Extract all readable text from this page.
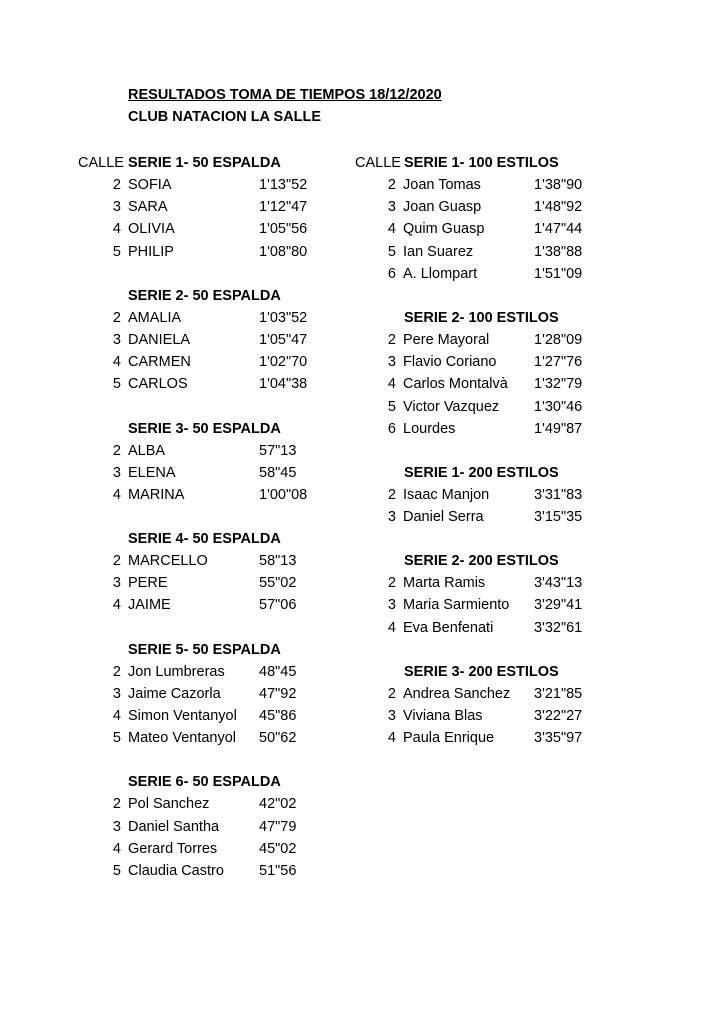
RESULTADOS TOMA DE TIEMPOS 18/12/2020
CLUB NATACION LA SALLE
CALLE SERIE 1- 50 ESPALDA
2 SOFIA	1'13"52
3 SARA	1'12"47
4 OLIVIA	1'05"56
5 PHILIP	1'08"80
SERIE 2- 50 ESPALDA
2 AMALIA	1'03"52
3 DANIELA	1'05"47
4 CARMEN	1'02"70
5 CARLOS	1'04"38
SERIE 3- 50 ESPALDA
2 ALBA	57"13
3 ELENA	58"45
4 MARINA	1'00"08
SERIE 4- 50 ESPALDA
2 MARCELLO	58"13
3 PERE	55"02
4 JAIME	57"06
SERIE 5- 50 ESPALDA
2 Jon Lumbreras 48"45
3 Jaime Cazorla	47"92
4 Simon Ventanyol 45"86
5 Mateo Ventanyol 50"62
SERIE 6- 50 ESPALDA
2 Pol Sanchez	42"02
3 Daniel Santha	47"79
4 Gerard Torres	45"02
5 Claudia Castro 51"56
CALLE SERIE 1- 100 ESTILOS
2 Joan Tomas	1'38"90
3 Joan Guasp	1'48"92
4 Quim Guasp	1'47"44
5 Ian Suarez	1'38"88
6 A. Llompart	1'51"09
SERIE 2- 100 ESTILOS
2 Pere Mayoral	1'28"09
3 Flavio Coriano	1'27"76
4 Carlos Montalvà 1'32"79
5 Victor Vazquez 1'30"46
6 Lourdes	1'49"87
SERIE 1- 200 ESTILOS
2 Isaac Manjon	3'31"83
3 Daniel Serra	3'15"35
SERIE 2- 200 ESTILOS
2 Marta Ramis	3'43"13
3 Maria Sarmiento 3'29"41
4 Eva Benfenati	3'32"61
SERIE 3- 200 ESTILOS
2 Andrea Sanchez 3'21"85
3 Viviana Blas	3'22"27
4 Paula Enrique	3'35"97
